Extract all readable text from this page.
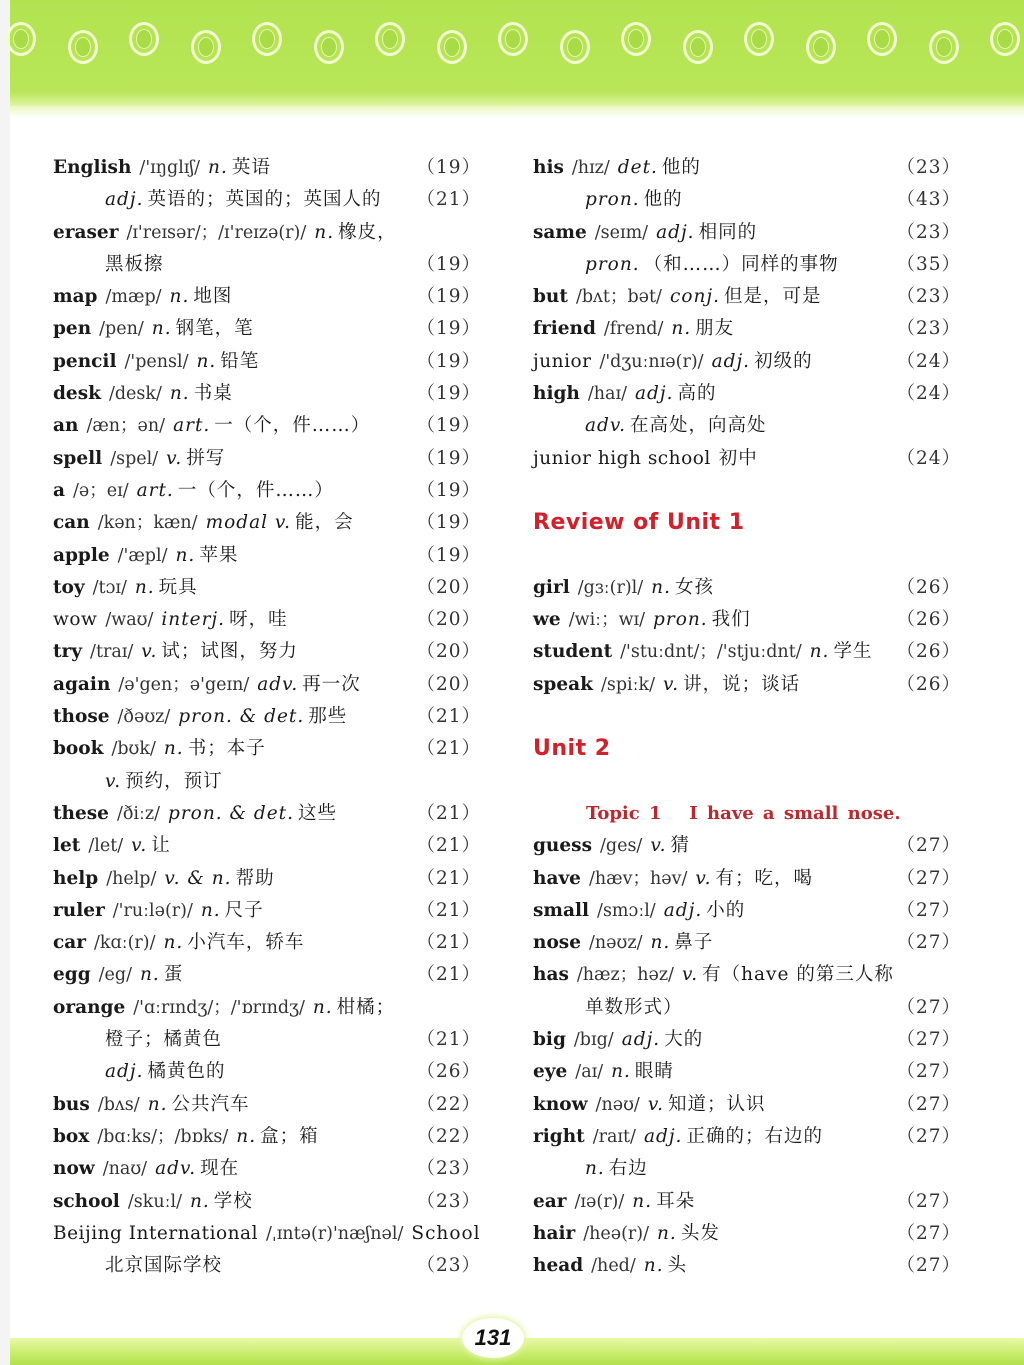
English /'ɪŋglɪʃ/ n. 英语	（19）
adj. 英语的；英国的；英国人的 （21）
eraser /ɪ'reɪsər/；/ɪ'reɪzə(r)/ n. 橡皮，
黑板擦	（19）
map /mæp/ n. 地图	（19）
pen /pen/ n. 钢笔，笔	（19）
pencil /'pensl/ n. 铅笔	（19）
desk /desk/ n. 书桌	（19）
an /æn；ən/ art. 一（个，件……） （19）
spell /spel/ v. 拼写	（19）
a /ə；eɪ/ art. 一（个，件……）	（19）
can /kən；kæn/ modal v. 能，会	（19）
apple /'æpl/ n. 苹果	（19）
toy /tɔɪ/ n. 玩具	（20）
wow /waʊ/ interj. 呀，哇	（20）
try /traɪ/ v. 试；试图，努力	（20）
again /ə'gen；ə'geɪn/ adv. 再一次	（20）
those /ðəʊz/ pron. & det. 那些	（21）
book /bʊk/ n. 书；本子	（21）
v. 预约，预订
these /ðiːz/ pron. & det. 这些	（21）
let /let/ v. 让	（21）
help /help/ v. & n. 帮助	（21）
ruler /'ruːlə(r)/ n. 尺子	（21）
car /kɑː(r)/ n. 小汽车，轿车	（21）
egg /eg/ n. 蛋	（21）
orange /'ɑːrɪndʒ/；/'ɒrɪndʒ/ n. 柑橘；
橙子；橘黄色	（21）
adj. 橘黄色的	（26）
bus /bʌs/ n. 公共汽车	（22）
box /bɑːks/；/bɒks/ n. 盒；箱	（22）
now /naʊ/ adv. 现在	（23）
school /skuːl/ n. 学校	（23）
Beijing International /ˌɪntə(r)'næʃnəl/ School
北京国际学校	（23）
his /hɪz/ det. 他的	（23）
pron. 他的	（43）
same /seɪm/ adj. 相同的	（23）
pron. （和……）同样的事物	（35）
but /bʌt；bət/ conj. 但是，可是	（23）
friend /frend/ n. 朋友	（23）
junior /'dʒuːnɪə(r)/ adj. 初级的	（24）
high /haɪ/ adj. 高的	（24）
adv. 在高处，向高处
junior high school 初中	（24）
Review of Unit 1
girl /gɜː(r)l/ n. 女孩	（26）
we /wiː；wɪ/ pron. 我们	（26）
student /'stuːdnt/；/'stjuːdnt/ n. 学生 （26）
speak /spiːk/ v. 讲，说；谈话	（26）
Unit 2
Topic 1   I have a small nose.
guess /ges/ v. 猜	（27）
have /hæv；həv/ v. 有；吃，喝	（27）
small /smɔːl/ adj. 小的	（27）
nose /nəʊz/ n. 鼻子	（27）
has /hæz；həz/ v. 有（have 的第三人称
单数形式）	（27）
big /bɪg/ adj. 大的	（27）
eye /aɪ/ n. 眼睛	（27）
know /nəʊ/ v. 知道；认识	（27）
right /raɪt/ adj. 正确的；右边的	（27）
n. 右边
ear /ɪə(r)/ n. 耳朵	（27）
hair /heə(r)/ n. 头发	（27）
head /hed/ n. 头	（27）
131
